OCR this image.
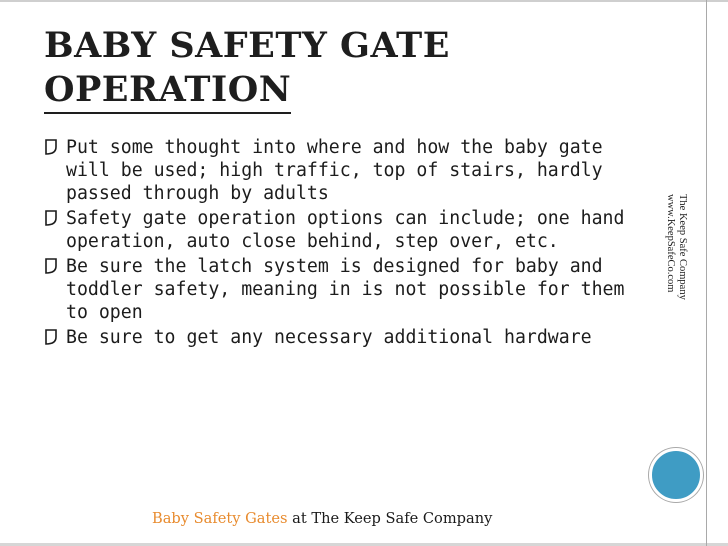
BABY SAFETY GATE
OPERATION
Put some thought into where and how the baby gate will be used; high traffic, top of stairs, hardly passed through by adults
Safety gate operation options can include; one hand operation, auto close behind, step over, etc.
Be sure the latch system is designed for baby and toddler safety, meaning in is not possible for them to open
Be sure to get any necessary additional hardware
The Keep Safe Company
www.KeepSafeCo.com
Baby Safety Gates at The Keep Safe Company
